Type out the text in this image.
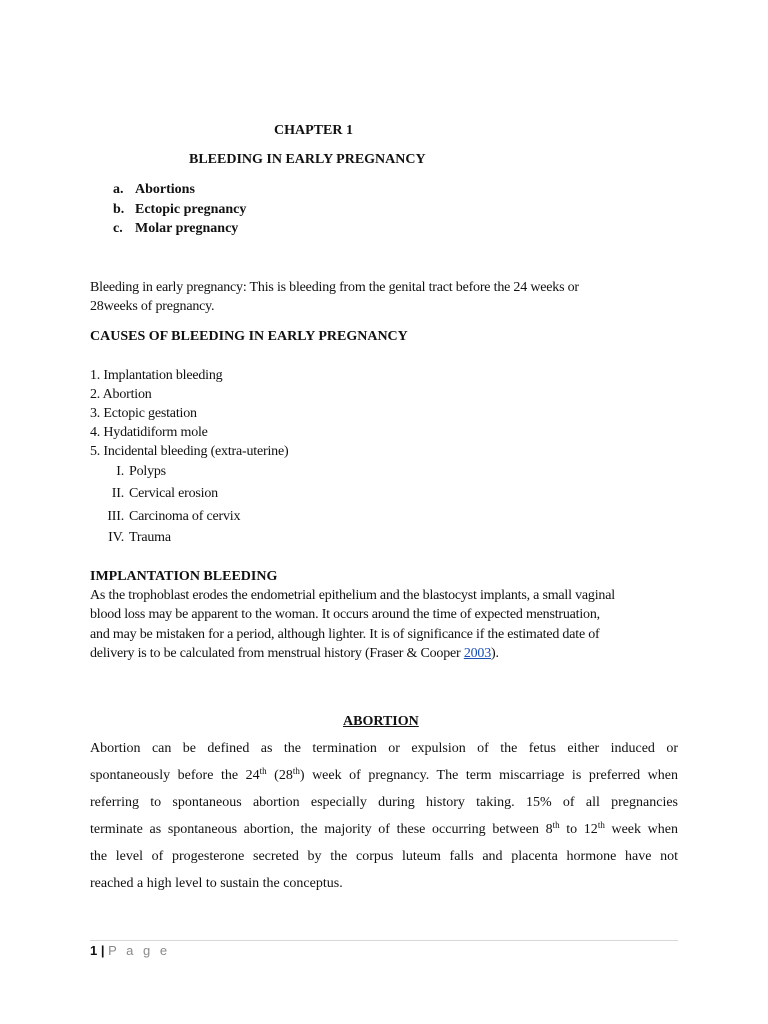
CHAPTER 1
BLEEDING IN EARLY PREGNANCY
a. Abortions
b. Ectopic pregnancy
c. Molar pregnancy
Bleeding in early pregnancy: This is bleeding from the genital tract before the 24 weeks or
28weeks of pregnancy.
CAUSES OF BLEEDING IN EARLY PREGNANCY
1. Implantation bleeding
2. Abortion
3. Ectopic gestation
4. Hydatidiform mole
5. Incidental bleeding (extra-uterine)
I. Polyps
II. Cervical erosion
III. Carcinoma of cervix
IV. Trauma
IMPLANTATION BLEEDING
As the trophoblast erodes the endometrial epithelium and the blastocyst implants, a small vaginal
blood loss may be apparent to the woman. It occurs around the time of expected menstruation,
and may be mistaken for a period, although lighter. It is of significance if the estimated date of
delivery is to be calculated from menstrual history (Fraser & Cooper 2003).
ABORTION
Abortion can be defined as the termination or expulsion of the fetus either induced or
spontaneously before the 24th (28th) week of pregnancy. The term miscarriage is preferred when
referring to spontaneous abortion especially during history taking. 15% of all pregnancies
terminate as spontaneous abortion, the majority of these occurring between 8th to 12th week when
the level of progesterone secreted by the corpus luteum falls and placenta hormone have not
reached a high level to sustain the conceptus.
1 | P a g e
